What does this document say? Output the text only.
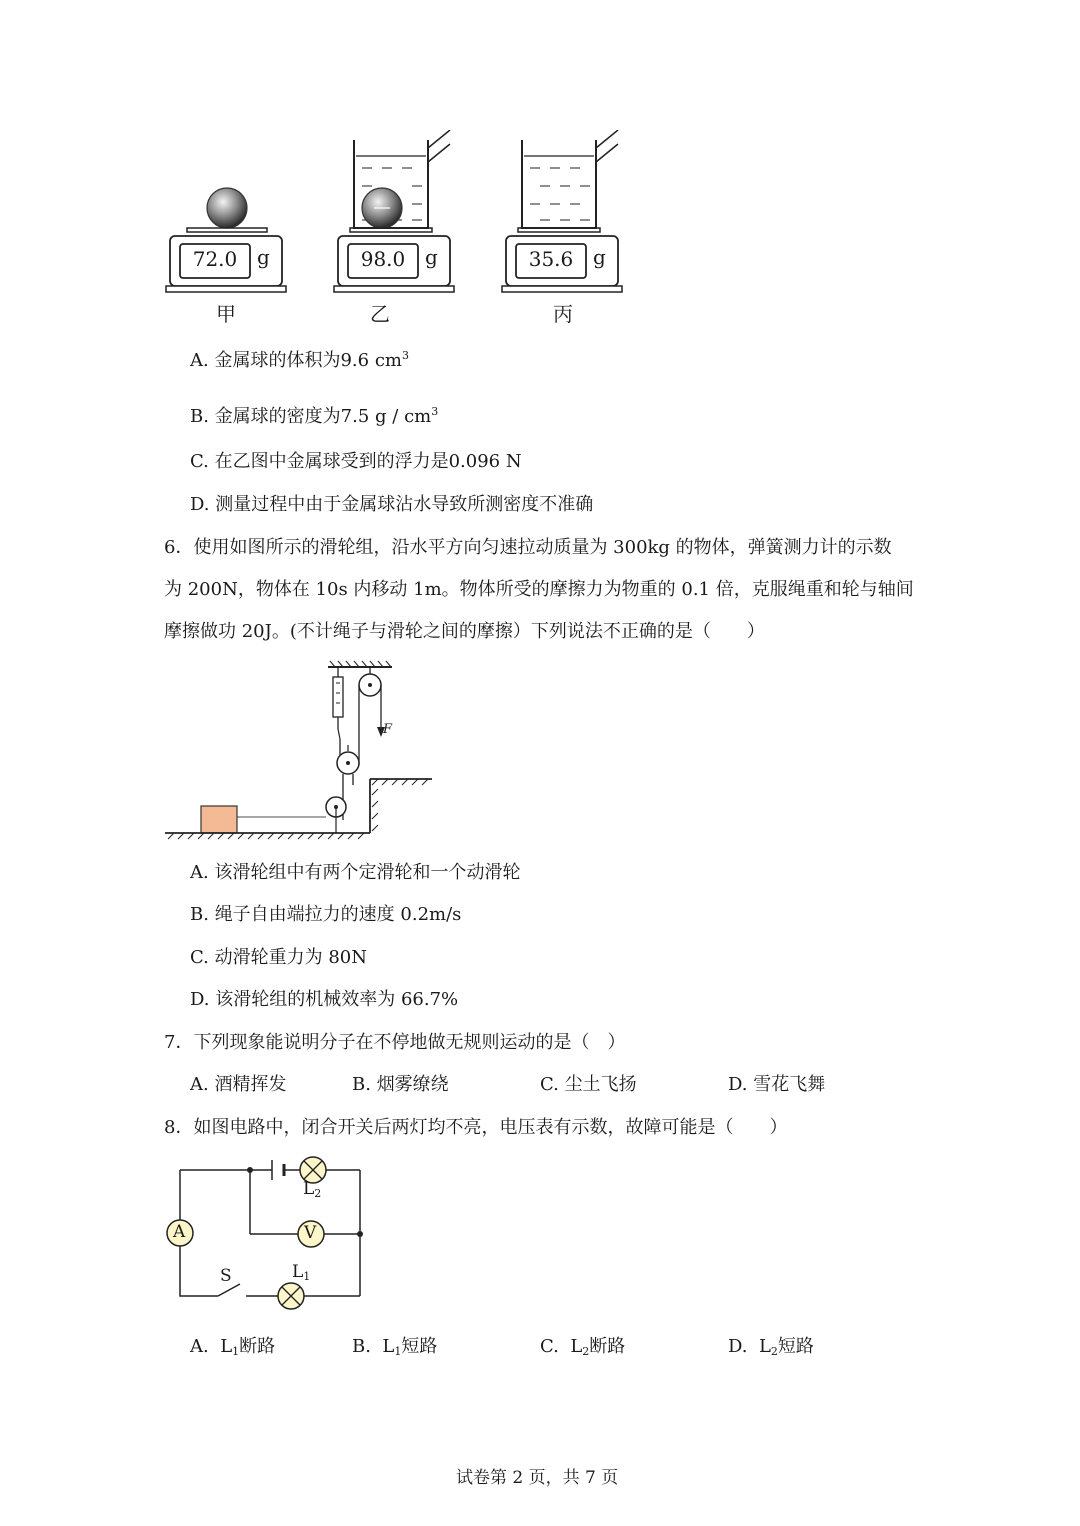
72.0 g	98.0 g	35.6 g
甲	乙	丙
A. 金属球的体积为9.6 $cm^3$
B. 金属球的密度为7.5 g / $cm^3$
C. 在乙图中金属球受到的浮力是0.096 N
D. 测量过程中由于金属球沾水导致所测密度不准确
6．使用如图所示的滑轮组，沿水平方向匀速拉动质量为 300kg 的物体，弹簧测力计的示数
为 200N，物体在 10s 内移动 1m。物体所受的摩擦力为物重的 0.1 倍，克服绳重和轮与轴间
摩擦做功 20J。(不计绳子与滑轮之间的摩擦）下列说法不正确的是（　　）
F
A. 该滑轮组中有两个定滑轮和一个动滑轮
B. 绳子自由端拉力的速度 0.2m/s
C. 动滑轮重力为 80N
D. 该滑轮组的机械效率为 66.7%
7．下列现象能说明分子在不停地做无规则运动的是（　）
A. 酒精挥发	B. 烟雾缭绕	C. 尘土飞扬	D. 雪花飞舞
8．如图电路中，闭合开关后两灯均不亮，电压表有示数，故障可能是（　　）
A	V
S
$L_2$
$L_1$
A. $L_1$断路	B. $L_1$短路	C. $L_2$断路	D. $L_2$短路
试卷第 2 页，共 7 页
